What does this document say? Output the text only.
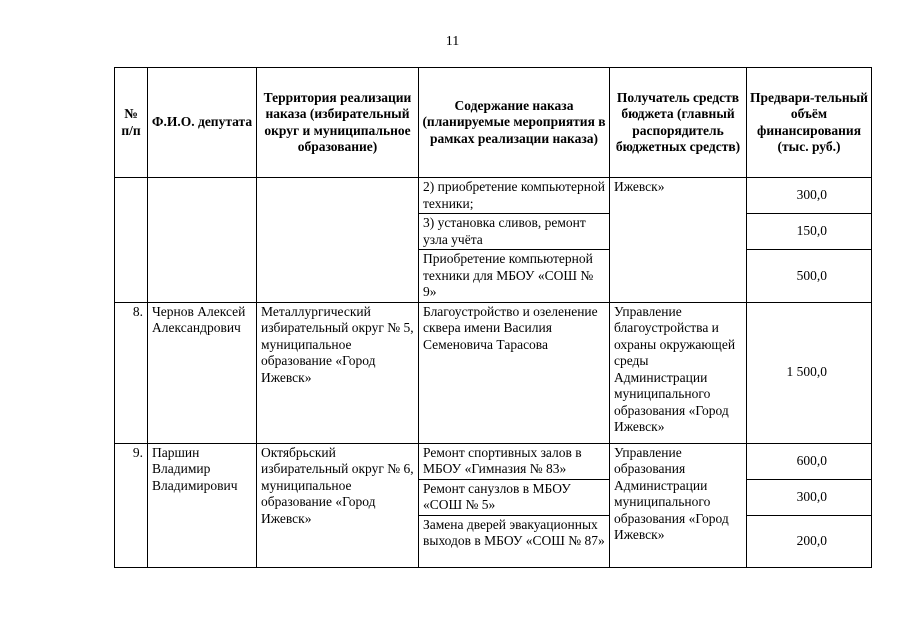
11
№ п/п	Ф.И.О. депутата	Территория реализации наказа (избирательный округ и муниципальное образование)	Содержание наказа (планируемые мероприятия в рамках реализации наказа)	Получатель средств бюджета (главный распорядитель бюджетных средств)	Предвари-тельный объём финансирования (тыс. руб.)
			2) приобретение компьютерной техники;	Ижевск»	300,0
			3) установка сливов, ремонт узла учёта		150,0
			Приобретение компьютерной техники для МБОУ «СОШ № 9»		500,0
8.	Чернов Алексей Александрович	Металлургический избирательный округ № 5, муниципальное образование «Город Ижевск»	Благоустройство и озеленение сквера имени Василия Семеновича Тарасова	Управление благоустройства и охраны окружающей среды Администрации муниципального образования «Город Ижевск»	1 500,0
9.	Паршин Владимир Владимирович	Октябрьский избирательный округ № 6, муниципальное образование «Город Ижевск»	Ремонт спортивных залов в МБОУ «Гимназия № 83»	Управление образования Администрации муниципального образования «Город Ижевск»	600,0
			Ремонт санузлов в МБОУ «СОШ № 5»		300,0
			Замена дверей эвакуационных выходов в МБОУ «СОШ № 87»		200,0
